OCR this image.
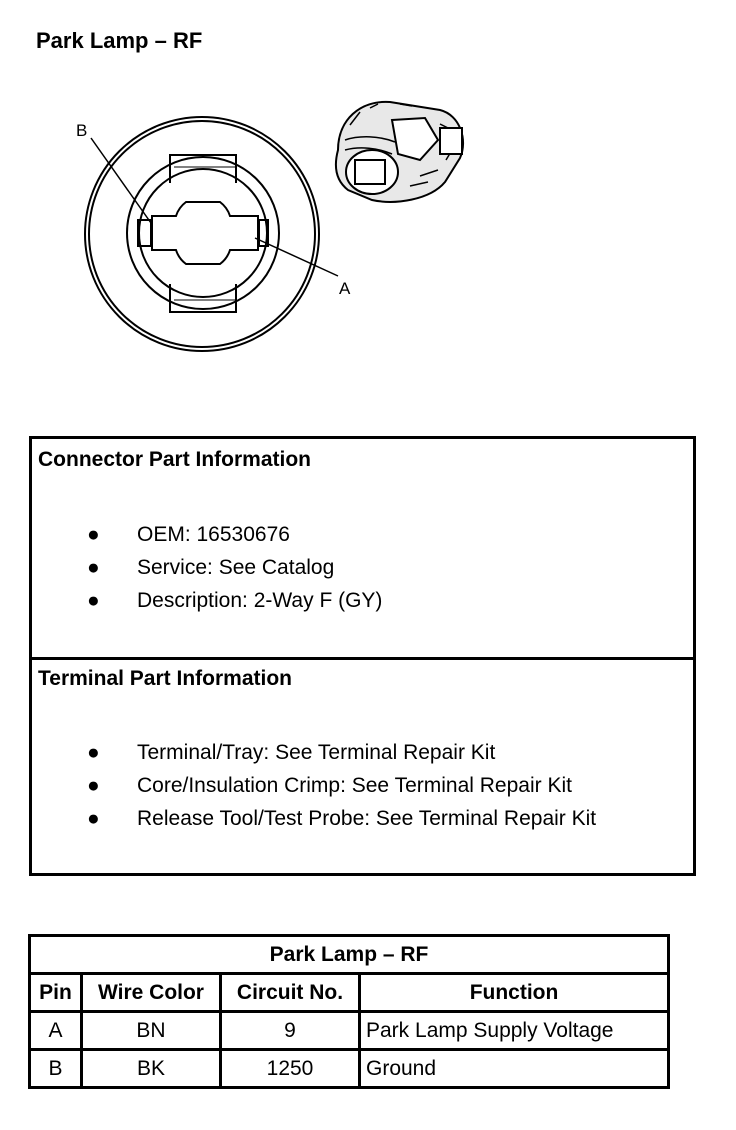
Park Lamp – RF
B
A
Connector Part Information
● OEM: 16530676
● Service: See Catalog
● Description: 2-Way F (GY)
Terminal Part Information
● Terminal/Tray: See Terminal Repair Kit
● Core/Insulation Crimp: See Terminal Repair Kit
● Release Tool/Test Probe: See Terminal Repair Kit
Park Lamp – RF			
Pin	Wire Color	Circuit No.	Function
A	BN	9	Park Lamp Supply Voltage
B	BK	1250	Ground
